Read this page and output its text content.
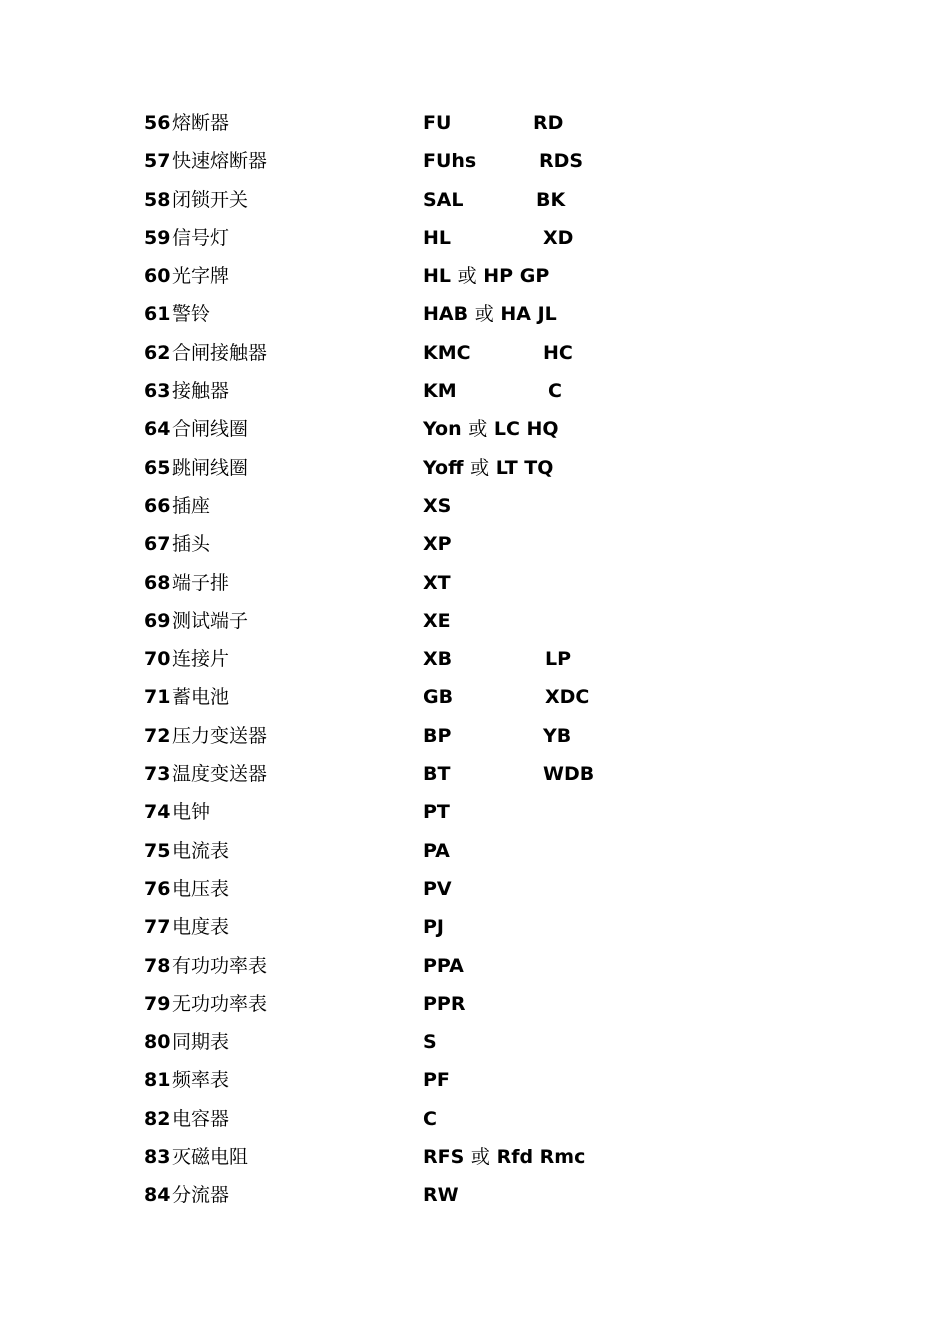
56 熔断器	FU	RD
57 快速熔断器	FUhs	RDS
58 闭锁开关	SAL	BK
59 信号灯	HL	XD
60 光字牌	HL 或 HP GP
61 警铃	HAB 或 HA JL
62 合闸接触器	KMC	HC
63 接触器	KM	C
64 合闸线圈	Yon 或 LC HQ
65 跳闸线圈	Yoff 或 LT TQ
66 插座	XS
67 插头	XP
68 端子排	XT
69 测试端子	XE
70 连接片	XB	LP
71 蓄电池	GB	XDC
72 压力变送器	BP	YB
73 温度变送器	BT	WDB
74 电钟	PT
75 电流表	PA
76 电压表	PV
77 电度表	PJ
78 有功功率表	PPA
79 无功功率表	PPR
80 同期表	S
81 频率表	PF
82 电容器	C
83 灭磁电阻	RFS 或 Rfd Rmc
84 分流器	RW
